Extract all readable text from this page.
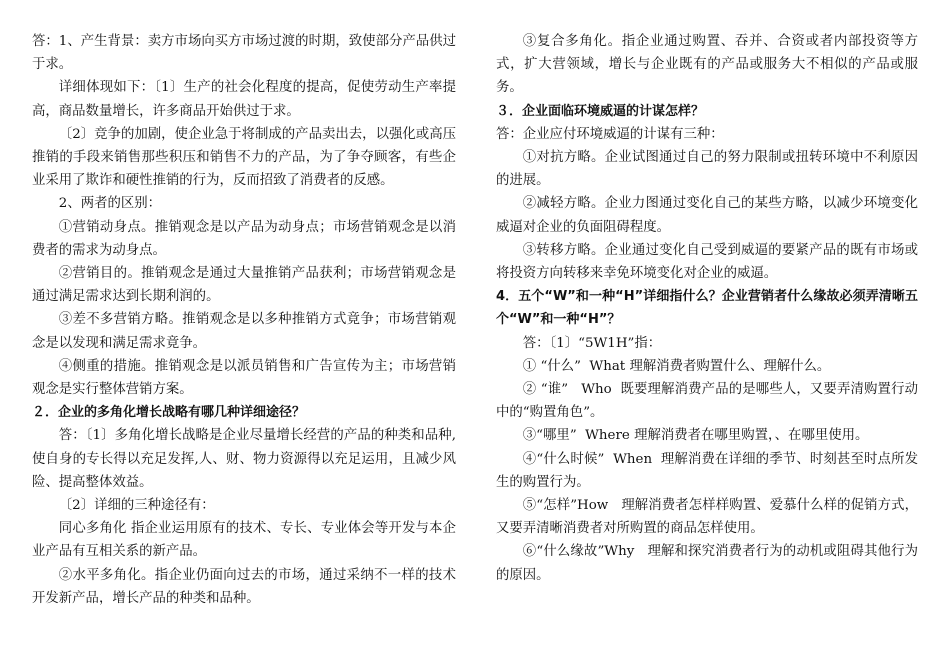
答：1、产生背景：卖方市场向买方市场过渡的时期，致使部分产品供过于求。

详细体现如下：〔1〕生产的社会化程度的提高，促使劳动生产率提高，商品数量增长，许多商品开始供过于求。

〔2〕竞争的加剧，使企业急于将制成的产品卖出去，以强化或高压推销的手段来销售那些积压和销售不力的产品，为了争夺顾客，有些企业采用了欺诈和硬性推销的行为，反而招致了消费者的反感。

2、两者的区别：

①营销动身点。推销观念是以产品为动身点；市场营销观念是以消费者的需求为动身点。

②营销目的。推销观念是通过大量推销产品获利；市场营销观念是通过满足需求达到长期利润的。

③差不多营销方略。推销观念是以多种推销方式竟争；市场营销观念是以发现和满足需求竟争。

④侧重的措施。推销观念是以派员销售和广告宣传为主；市场营销观念是实行整体营销方案。

２．企业的多角化增长战略有哪几种详细途径？

答：〔1〕多角化增长战略是企业尽量增长经营的产品的种类和品种,使自身的专长得以充足发挥,人、财、物力资源得以充足运用，且减少风险、提高整体效益。

〔2〕详细的三种途径有：

同心多角化 指企业运用原有的技术、专长、专业体会等开发与本企业产品有互相关系的新产品。

②水平多角化。指企业仍面向过去的市场，通过采纳不一样的技术开发新产品，增长产品的种类和品种。

③复合多角化。指企业通过购置、吞并、合资或者内部投资等方式，扩大营领域，增长与企业既有的产品或服务大不相似的产品或服务。

３．企业面临环境威逼的计谋怎样？

答：企业应付环境威逼的计谋有三种：

①对抗方略。企业试图通过自己的努力限制或扭转环境中不利原因的进展。

②减轻方略。企业力图通过变化自己的某些方略，以减少环境变化威逼对企业的负面阻碍程度。

③转移方略。企业通过变化自己受到威逼的要紧产品的既有市场或将投资方向转移来幸免环境变化对企业的威逼。

4．五个“W”和一种“H”详细指什么？企业营销者什么缘故必须弄清晰五个“W”和一种“H”？

答：〔1〕“5W1H”指：

① “什么”  What 理解消费者购置什么、理解什么。

② “谁”   Who  既要理解消费产品的是哪些人，又要弄清购置行动中的“购置角色”。

③“哪里”  Where 理解消费者在哪里购置，、在哪里使用。

④“什么时候”  When  理解消费在详细的季节、时刻甚至时点所发生的购置行为。

⑤“怎样”How   理解消费者怎样样购置、爱慕什么样的促销方式，又要弄清晰消费者对所购置的商品怎样使用。

⑥“什么缘故”Why   理解和探究消费者行为的动机或阻碍其他行为的原因。
